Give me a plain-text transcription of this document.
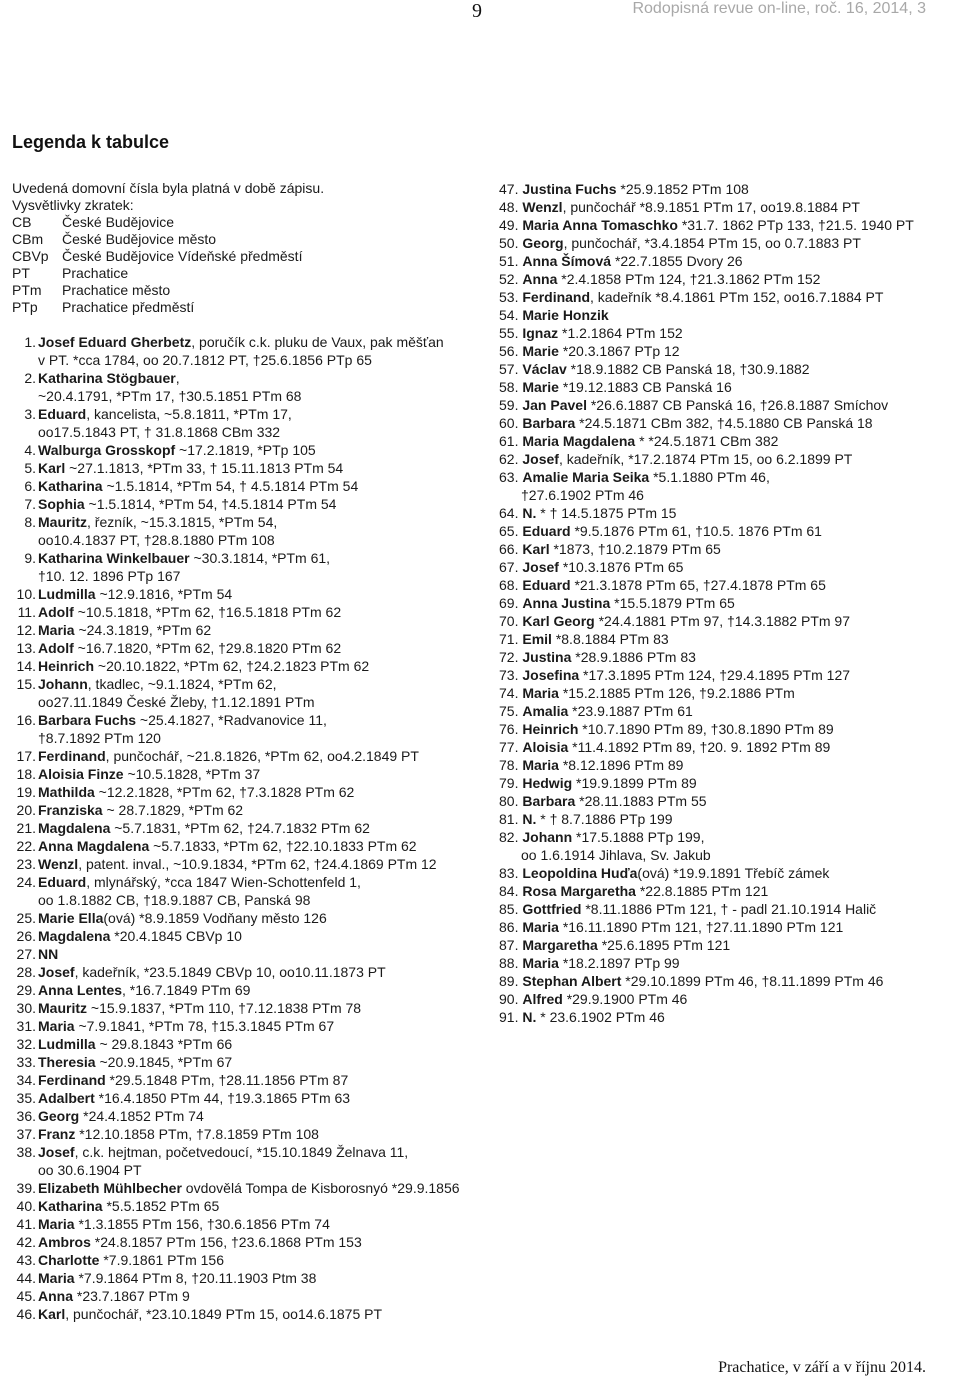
9	Rodopisná revue on-line, roč. 16, 2014, 3
Legenda k tabulce
Uvedená domovní čísla byla platná v době zápisu.
Vysvětlivky zkratek:
CB	České Budějovice
CBm	České Budějovice město
CBVp České Budějovice Vídeňské předměstí
PT	Prachatice
PTm	Prachatice město
PTp	Prachatice předměstí
1. Josef Eduard Gherbetz, poručík c.k. pluku de Vaux, pak měšťan
v PT. *cca 1784, oo 20.7.1812 PT, †25.6.1856 PTp 65
2. Katharina Stögbauer,
~20.4.1791, *PTm 17, †30.5.1851 PTm 68
3. Eduard, kancelista, ~5.8.1811, *PTm 17,
oo17.5.1843 PT, † 31.8.1868 CBm 332
4. Walburga Grosskopf ~17.2.1819, *PTp 105
5. Karl ~27.1.1813, *PTm 33, † 15.11.1813 PTm 54
6. Katharina ~1.5.1814, *PTm 54, † 4.5.1814 PTm 54
7. Sophia ~1.5.1814, *PTm 54, †4.5.1814 PTm 54
8. Mauritz, řezník, ~15.3.1815, *PTm 54,
oo10.4.1837 PT, †28.8.1880 PTm 108
9. Katharina Winkelbauer ~30.3.1814, *PTm 61,
†10. 12. 1896 PTp 167
10. Ludmilla ~12.9.1816, *PTm 54
11. Adolf ~10.5.1818, *PTm 62, †16.5.1818 PTm 62
12. Maria ~24.3.1819, *PTm 62
13. Adolf ~16.7.1820, *PTm 62, †29.8.1820 PTm 62
14. Heinrich ~20.10.1822, *PTm 62, †24.2.1823 PTm 62
15. Johann, tkadlec, ~9.1.1824, *PTm 62,
oo27.11.1849 České Žleby, †1.12.1891 PTm
16. Barbara Fuchs ~25.4.1827, *Radvanovice 11,
†8.7.1892 PTm 120
17. Ferdinand, punčochář, ~21.8.1826, *PTm 62, oo4.2.1849 PT
18. Aloisia Finze ~10.5.1828, *PTm 37
19. Mathilda ~12.2.1828, *PTm 62, †7.3.1828 PTm 62
20. Franziska ~ 28.7.1829, *PTm 62
21. Magdalena ~5.7.1831, *PTm 62, †24.7.1832 PTm 62
22. Anna Magdalena ~5.7.1833, *PTm 62, †22.10.1833 PTm 62
23. Wenzl, patent. inval., ~10.9.1834, *PTm 62, †24.4.1869 PTm 12
24. Eduard, mlynářský, *cca 1847 Wien-Schottenfeld 1,
oo 1.8.1882 CB, †18.9.1887 CB, Panská 98
25. Marie Ella(ová) *8.9.1859 Vodňany město 126
26. Magdalena *20.4.1845 CBVp 10
27. NN
28. Josef, kadeřník, *23.5.1849 CBVp 10, oo10.11.1873 PT
29. Anna Lentes, *16.7.1849 PTm 69
30. Mauritz ~15.9.1837, *PTm 110, †7.12.1838 PTm 78
31. Maria ~7.9.1841, *PTm 78, †15.3.1845 PTm 67
32. Ludmilla ~ 29.8.1843 *PTm 66
33. Theresia ~20.9.1845, *PTm 67
34. Ferdinand *29.5.1848 PTm, †28.11.1856 PTm 87
35. Adalbert *16.4.1850 PTm 44, †19.3.1865 PTm 63
36. Georg *24.4.1852 PTm 74
37. Franz *12.10.1858 PTm, †7.8.1859 PTm 108
38. Josef, c.k. hejtman, početvedoucí, *15.10.1849 Želnava 11,
oo 30.6.1904 PT
39. Elizabeth Mühlbecher ovdovělá Tompa de Kisborosnyó *29.9.1856
40. Katharina *5.5.1852 PTm 65
41. Maria *1.3.1855 PTm 156, †30.6.1856 PTm 74
42. Ambros *24.8.1857 PTm 156, †23.6.1868 PTm 153
43. Charlotte *7.9.1861 PTm 156
44. Maria *7.9.1864 PTm 8, †20.11.1903 Ptm 38
45. Anna *23.7.1867 PTm 9
46. Karl, punčochář, *23.10.1849 PTm 15, oo14.6.1875 PT
47. Justina Fuchs *25.9.1852 PTm 108
48. Wenzl, punčochář *8.9.1851 PTm 17, oo19.8.1884 PT
49. Maria Anna Tomaschko *31.7. 1862 PTp 133, †21.5. 1940 PT
50. Georg, punčochář, *3.4.1854 PTm 15, oo 0.7.1883 PT
51. Anna Šímová *22.7.1855 Dvory 26
52. Anna *2.4.1858 PTm 124, †21.3.1862 PTm 152
53. Ferdinand, kadeřník *8.4.1861 PTm 152, oo16.7.1884 PT
54. Marie Honzik
55. Ignaz *1.2.1864 PTm 152
56. Marie *20.3.1867 PTp 12
57. Václav *18.9.1882 CB Panská 18, †30.9.1882
58. Marie *19.12.1883 CB Panská 16
59. Jan Pavel *26.6.1887 CB Panská 16, †26.8.1887 Smíchov
60. Barbara *24.5.1871 CBm 382, †4.5.1880 CB Panská 18
61. Maria Magdalena * *24.5.1871 CBm 382
62. Josef, kadeřník, *17.2.1874 PTm 15, oo 6.2.1899 PT
63. Amalie Maria Seika *5.1.1880 PTm 46,
†27.6.1902 PTm 46
64. N. * † 14.5.1875 PTm 15
65. Eduard *9.5.1876 PTm 61, †10.5. 1876 PTm 61
66. Karl *1873, †10.2.1879 PTm 65
67. Josef *10.3.1876 PTm 65
68. Eduard *21.3.1878 PTm 65, †27.4.1878 PTm 65
69. Anna Justina *15.5.1879 PTm 65
70. Karl Georg *24.4.1881 PTm 97, †14.3.1882 PTm 97
71. Emil *8.8.1884 PTm 83
72. Justina *28.9.1886 PTm 83
73. Josefina *17.3.1895 PTm 124, †29.4.1895 PTm 127
74. Maria *15.2.1885 PTm 126, †9.2.1886 PTm
75. Amalia *23.9.1887 PTm 61
76. Heinrich *10.7.1890 PTm 89, †30.8.1890 PTm 89
77. Aloisia *11.4.1892 PTm 89, †20. 9. 1892 PTm 89
78. Maria *8.12.1896 PTm 89
79. Hedwig *19.9.1899 PTm 89
80. Barbara *28.11.1883 PTm 55
81. N. * † 8.7.1886 PTp 199
82. Johann *17.5.1888 PTp 199,
oo 1.6.1914 Jihlava, Sv. Jakub
83. Leopoldina Huďa(ová) *19.9.1891 Třebíč zámek
84. Rosa Margaretha *22.8.1885 PTm 121
85. Gottfried *8.11.1886 PTm 121, † - padl 21.10.1914 Halič
86. Maria *16.11.1890 PTm 121, †27.11.1890 PTm 121
87. Margaretha *25.6.1895 PTm 121
88. Maria *18.2.1897 PTp 99
89. Stephan Albert *29.10.1899 PTm 46, †8.11.1899 PTm 46
90. Alfred *29.9.1900 PTm 46
91. N. * 23.6.1902 PTm 46
Prachatice, v září a v říjnu 2014.
